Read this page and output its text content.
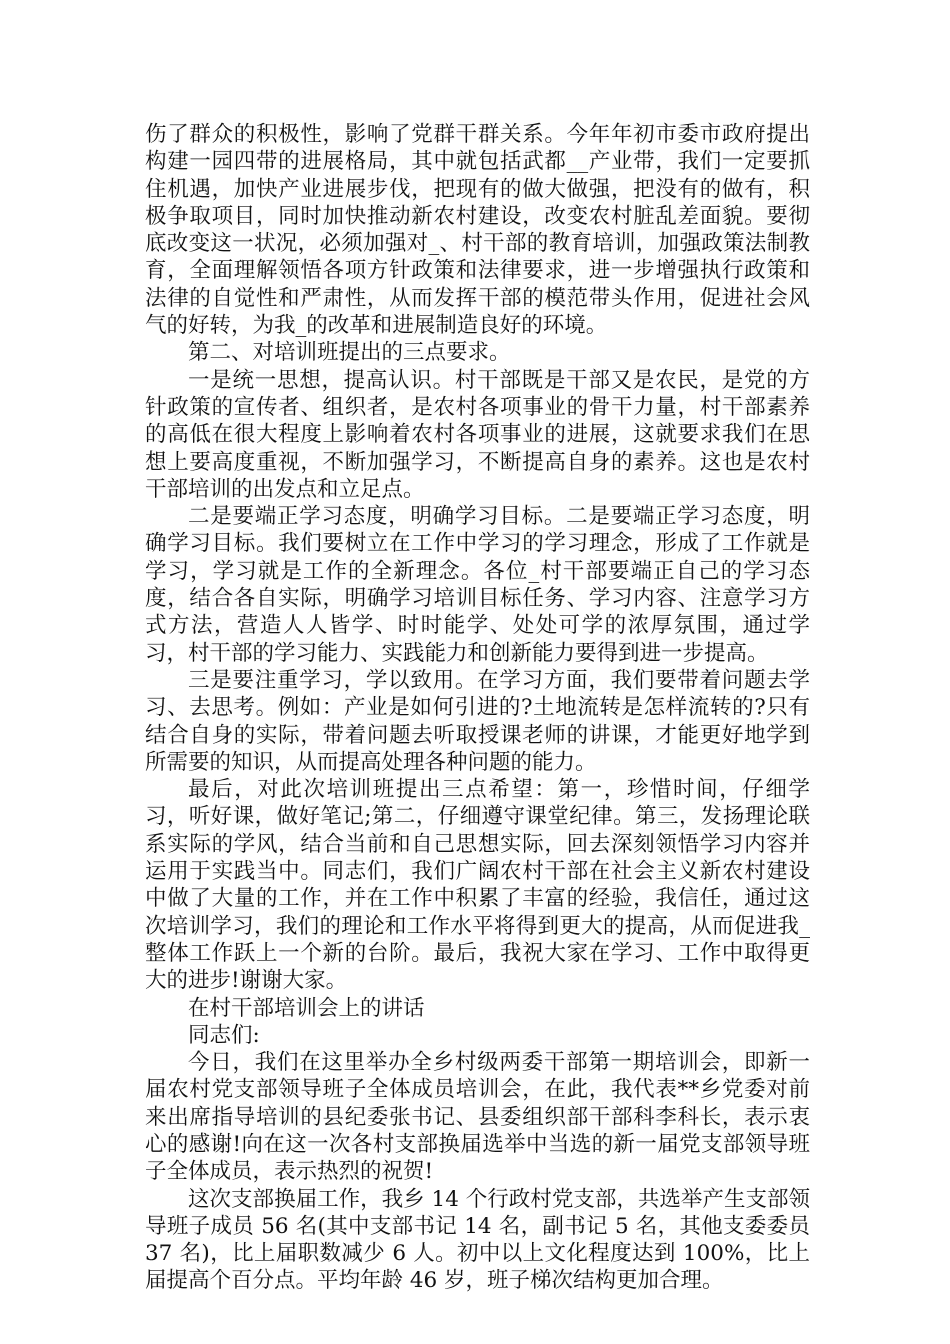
伤了群众的积极性，影响了党群干群关系。今年年初市委市政府提出构建一园四带的进展格局，其中就包括武都__产业带，我们一定要抓住机遇，加快产业进展步伐，把现有的做大做强，把没有的做有，积极争取项目，同时加快推动新农村建设，改变农村脏乱差面貌。要彻底改变这一状况，必须加强对_、村干部的教育培训，加强政策法制教育，全面理解领悟各项方针政策和法律要求，进一步增强执行政策和法律的自觉性和严肃性，从而发挥干部的模范带头作用，促进社会风气的好转，为我_的改革和进展制造良好的环境。

第二、对培训班提出的三点要求。

一是统一思想，提高认识。村干部既是干部又是农民，是党的方针政策的宣传者、组织者，是农村各项事业的骨干力量，村干部素养的高低在很大程度上影响着农村各项事业的进展，这就要求我们在思想上要高度重视，不断加强学习，不断提高自身的素养。这也是农村干部培训的出发点和立足点。

二是要端正学习态度，明确学习目标。二是要端正学习态度，明确学习目标。我们要树立在工作中学习的学习理念，形成了工作就是学习，学习就是工作的全新理念。各位_村干部要端正自己的学习态度，结合各自实际，明确学习培训目标任务、学习内容、注意学习方式方法，营造人人皆学、时时能学、处处可学的浓厚氛围，通过学习，村干部的学习能力、实践能力和创新能力要得到进一步提高。

三是要注重学习，学以致用。在学习方面，我们要带着问题去学习、去思考。例如：产业是如何引进的?土地流转是怎样流转的?只有结合自身的实际，带着问题去听取授课老师的讲课，才能更好地学到所需要的知识，从而提高处理各种问题的能力。

最后，对此次培训班提出三点希望：第一，珍惜时间，仔细学习，听好课，做好笔记;第二，仔细遵守课堂纪律。第三，发扬理论联系实际的学风，结合当前和自己思想实际，回去深刻领悟学习内容并运用于实践当中。同志们，我们广阔农村干部在社会主义新农村建设中做了大量的工作，并在工作中积累了丰富的经验，我信任，通过这次培训学习，我们的理论和工作水平将得到更大的提高，从而促进我_整体工作跃上一个新的台阶。最后，我祝大家在学习、工作中取得更大的进步!谢谢大家。

在村干部培训会上的讲话

同志们:

今日，我们在这里举办全乡村级两委干部第一期培训会，即新一届农村党支部领导班子全体成员培训会，在此，我代表**乡党委对前来出席指导培训的县纪委张书记、县委组织部干部科李科长，表示衷心的感谢!向在这一次各村支部换届选举中当选的新一届党支部领导班子全体成员，表示热烈的祝贺!

这次支部换届工作，我乡 14 个行政村党支部，共选举产生支部领导班子成员 56 名(其中支部书记 14 名，副书记 5 名，其他支委委员 37 名)，比上届职数减少 6 人。初中以上文化程度达到 100%，比上届提高个百分点。平均年龄 46 岁，班子梯次结构更加合理。
